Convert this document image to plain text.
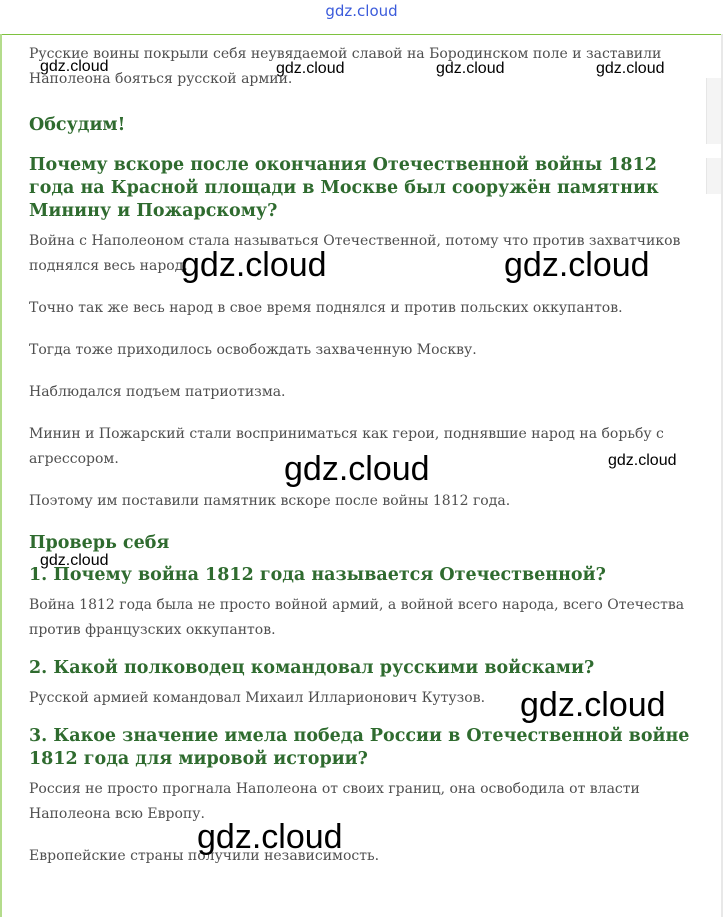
gdz.cloud

Русские воины покрыли себя неувядаемой славой на Бородинском поле и заставили Наполеона бояться русской армии.

Обсудим!
Почему вскоре после окончания Отечественной войны 1812 года на Красной площади в Москве был сооружён памятник Минину и Пожарскому?

Война с Наполеоном стала называться Отечественной, потому что против захватчиков поднялся весь народ.

Точно так же весь народ в свое время поднялся и против польских оккупантов.

Тогда тоже приходилось освобождать захваченную Москву.

Наблюдался подъем патриотизма.

Минин и Пожарский стали восприниматься как герои, поднявшие народ на борьбу с агрессором.

Поэтому им поставили памятник вскоре после войны 1812 года.

Проверь себя
1. Почему война 1812 года называется Отечественной?

Война 1812 года была не просто войной армий, а войной всего народа, всего Отечества против французских оккупантов.

2. Какой полководец командовал русскими войсками?

Русской армией командовал Михаил Илларионович Кутузов.

3. Какое значение имела победа России в Отечественной войне 1812 года для мировой истории?

Россия не просто прогнала Наполеона от своих границ, она освободила от власти Наполеона всю Европу.

Европейские страны получили независимость.

gdz.cloud	gdz.cloud	gdz.cloud	gdz.cloud
gdz.cloud	gdz.cloud
gdz.cloud	gdz.cloud
gdz.cloud
gdz.cloud
gdz.cloud
